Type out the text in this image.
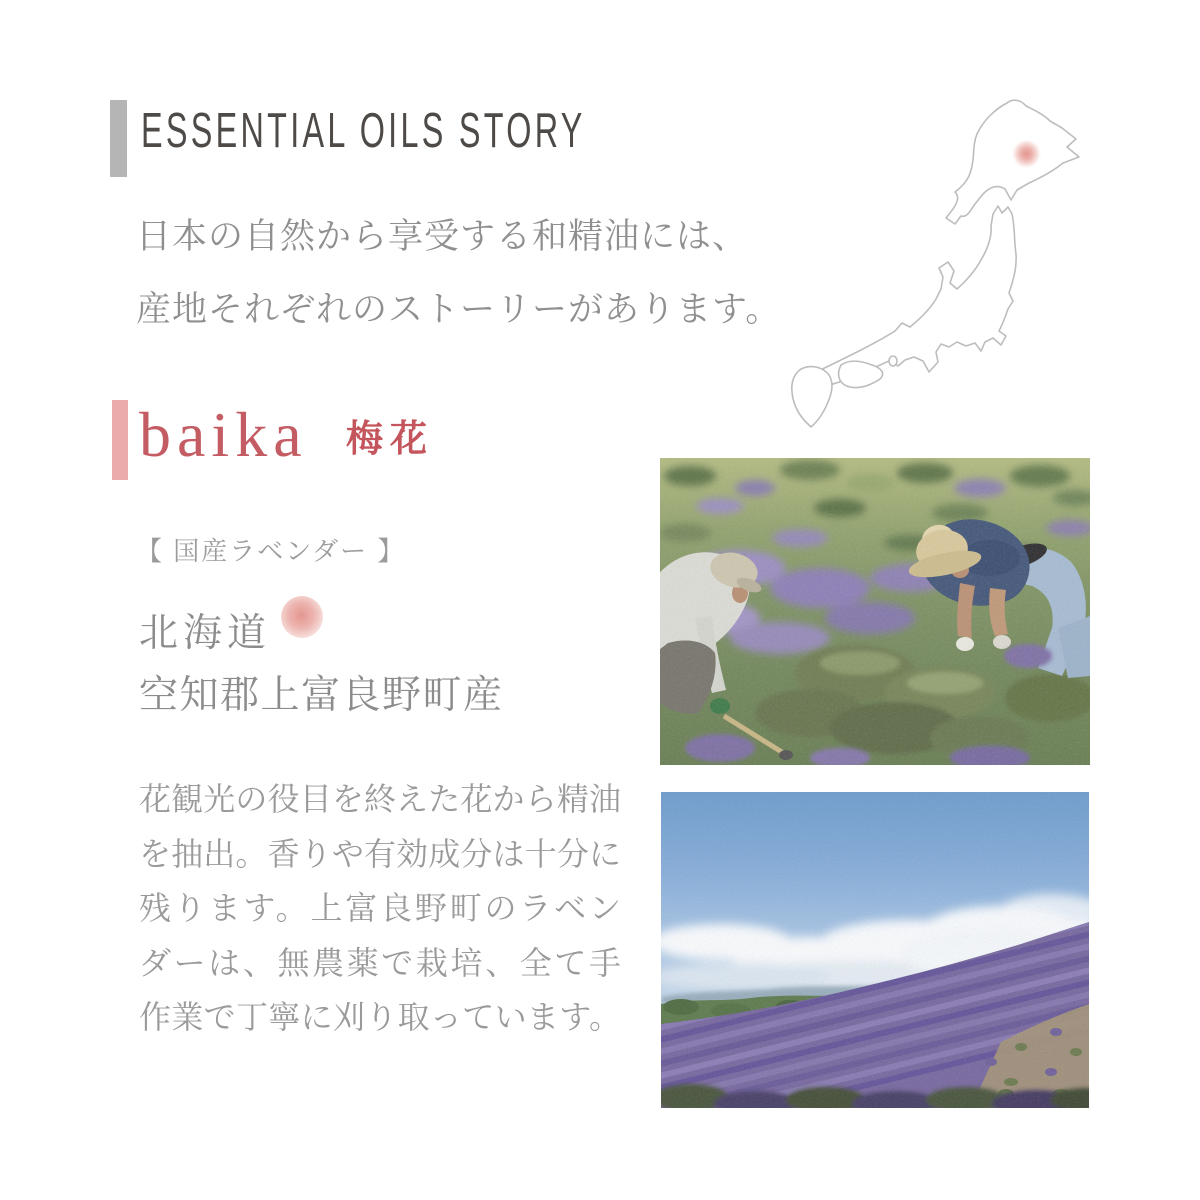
ESSENTIAL OILS STORY
日本の自然から享受する和精油には、
産地それぞれのストーリーがあります。
baika 梅花
【 国産ラベンダー 】
北海道
空知郡上富良野町産
花観光の役目を終えた花から精油
を抽出。香りや有効成分は十分に
残ります。上富良野町のラベン
ダーは、無農薬で栽培、全て手
作業で丁寧に刈り取っています。
